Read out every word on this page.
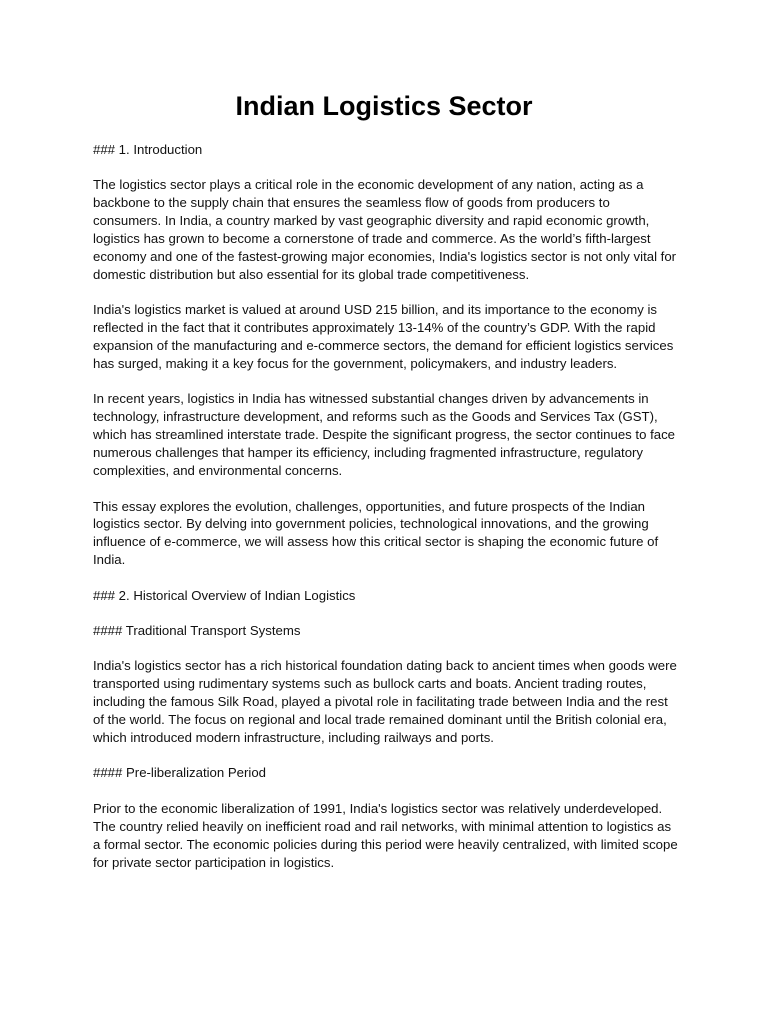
Indian Logistics Sector

### 1. Introduction

The logistics sector plays a critical role in the economic development of any nation, acting as a backbone to the supply chain that ensures the seamless flow of goods from producers to consumers. In India, a country marked by vast geographic diversity and rapid economic growth, logistics has grown to become a cornerstone of trade and commerce. As the world’s fifth-largest economy and one of the fastest-growing major economies, India's logistics sector is not only vital for domestic distribution but also essential for its global trade competitiveness.

India's logistics market is valued at around USD 215 billion, and its importance to the economy is reflected in the fact that it contributes approximately 13-14% of the country’s GDP. With the rapid expansion of the manufacturing and e-commerce sectors, the demand for efficient logistics services has surged, making it a key focus for the government, policymakers, and industry leaders.

In recent years, logistics in India has witnessed substantial changes driven by advancements in technology, infrastructure development, and reforms such as the Goods and Services Tax (GST), which has streamlined interstate trade. Despite the significant progress, the sector continues to face numerous challenges that hamper its efficiency, including fragmented infrastructure, regulatory complexities, and environmental concerns.

This essay explores the evolution, challenges, opportunities, and future prospects of the Indian logistics sector. By delving into government policies, technological innovations, and the growing influence of e-commerce, we will assess how this critical sector is shaping the economic future of India.

### 2. Historical Overview of Indian Logistics

#### Traditional Transport Systems

India's logistics sector has a rich historical foundation dating back to ancient times when goods were transported using rudimentary systems such as bullock carts and boats. Ancient trading routes, including the famous Silk Road, played a pivotal role in facilitating trade between India and the rest of the world. The focus on regional and local trade remained dominant until the British colonial era, which introduced modern infrastructure, including railways and ports.

#### Pre-liberalization Period

Prior to the economic liberalization of 1991, India's logistics sector was relatively underdeveloped. The country relied heavily on inefficient road and rail networks, with minimal attention to logistics as a formal sector. The economic policies during this period were heavily centralized, with limited scope for private sector participation in logistics.
